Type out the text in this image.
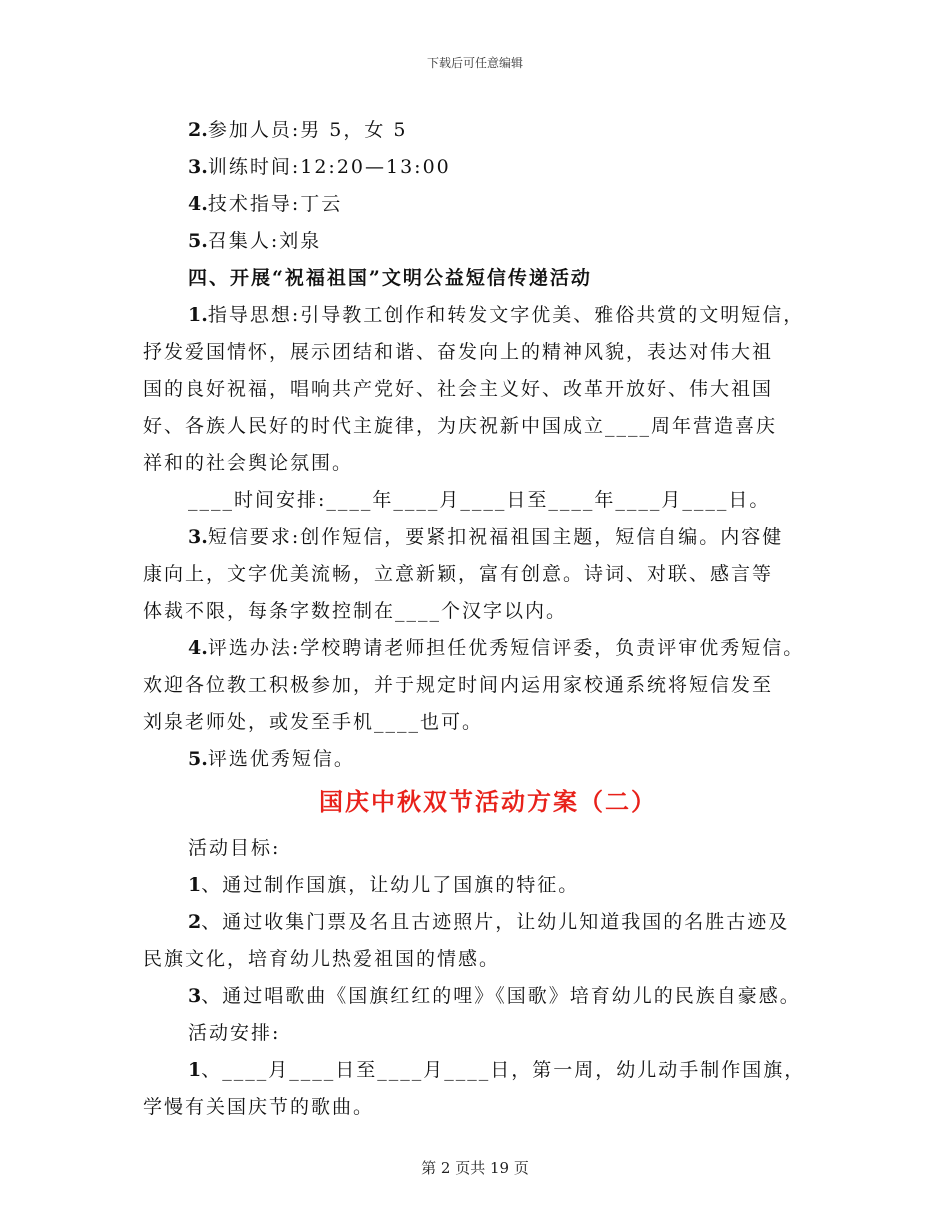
下载后可任意编辑
2.参加人员:男 5，女 5
3.训练时间:12:20—13:00
4.技术指导:丁云
5.召集人:刘泉
四、开展“祝福祖国”文明公益短信传递活动
1.指导思想:引导教工创作和转发文字优美、雅俗共赏的文明短信，
抒发爱国情怀，展示团结和谐、奋发向上的精神风貌，表达对伟大祖
国的良好祝福，唱响共产党好、社会主义好、改革开放好、伟大祖国
好、各族人民好的时代主旋律，为庆祝新中国成立____周年营造喜庆
祥和的社会舆论氛围。
____时间安排:____年____月____日至____年____月____日。
3.短信要求:创作短信，要紧扣祝福祖国主题，短信自编。内容健
康向上，文字优美流畅，立意新颖，富有创意。诗词、对联、感言等
体裁不限，每条字数控制在____个汉字以内。
4.评选办法:学校聘请老师担任优秀短信评委，负责评审优秀短信。
欢迎各位教工积极参加，并于规定时间内运用家校通系统将短信发至
刘泉老师处，或发至手机____也可。
5.评选优秀短信。
国庆中秋双节活动方案（二）
活动目标:
1、通过制作国旗，让幼儿了国旗的特征。
2、通过收集门票及名且古迹照片，让幼儿知道我国的名胜古迹及
民旗文化，培育幼儿热爱祖国的情感。
3、通过唱歌曲《国旗红红的哩》《国歌》培育幼儿的民族自豪感。
活动安排:
1、____月____日至____月____日，第一周，幼儿动手制作国旗，
学慢有关国庆节的歌曲。
第 2 页共 19 页
